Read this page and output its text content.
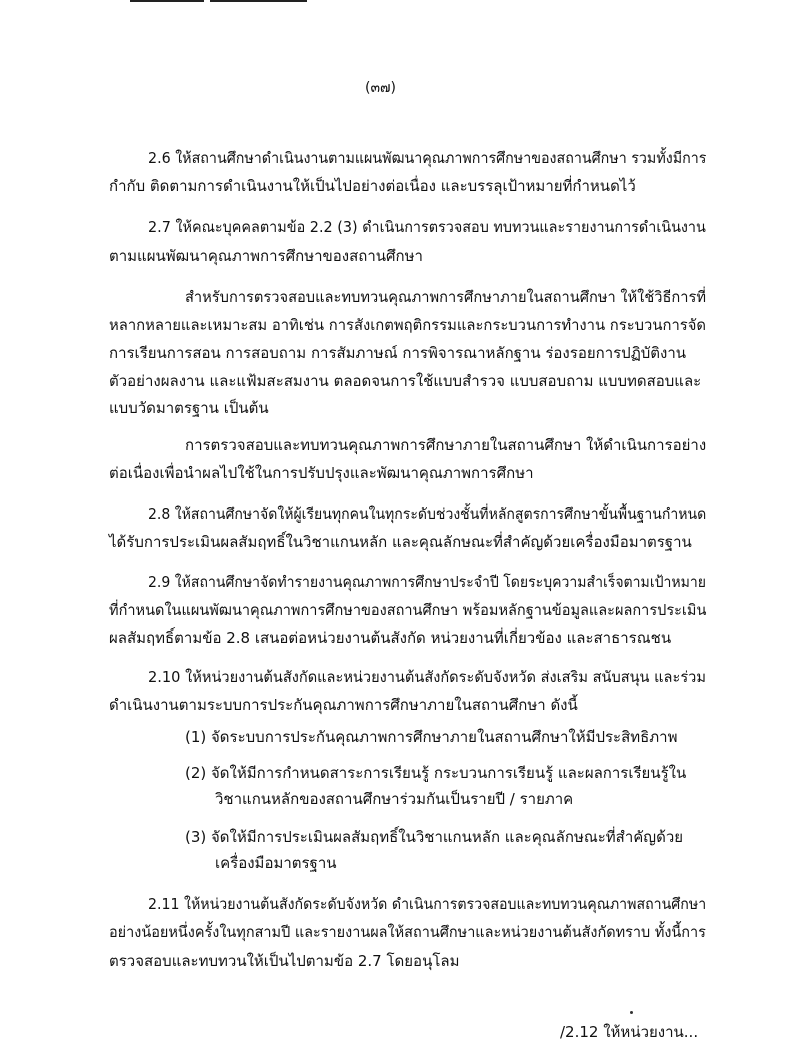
(๓๗)
2.6 ให้สถานศึกษาดำเนินงานตามแผนพัฒนาคุณภาพการศึกษาของสถานศึกษา รวมทั้งมีการ
กำกับ ติดตามการดำเนินงานให้เป็นไปอย่างต่อเนื่อง และบรรลุเป้าหมายที่กำหนดไว้
2.7 ให้คณะบุคคลตามข้อ 2.2 (3) ดำเนินการตรวจสอบ ทบทวนและรายงานการดำเนินงาน
ตามแผนพัฒนาคุณภาพการศึกษาของสถานศึกษา
สำหรับการตรวจสอบและทบทวนคุณภาพการศึกษาภายในสถานศึกษา ให้ใช้วิธีการที่
หลากหลายและเหมาะสม อาทิเช่น การสังเกตพฤติกรรมและกระบวนการทำงาน กระบวนการจัด
การเรียนการสอน การสอบถาม การสัมภาษณ์ การพิจารณาหลักฐาน ร่องรอยการปฏิบัติงาน
ตัวอย่างผลงาน และแฟ้มสะสมงาน ตลอดจนการใช้แบบสำรวจ แบบสอบถาม แบบทดสอบและ
แบบวัดมาตรฐาน เป็นต้น
การตรวจสอบและทบทวนคุณภาพการศึกษาภายในสถานศึกษา ให้ดำเนินการอย่าง
ต่อเนื่องเพื่อนำผลไปใช้ในการปรับปรุงและพัฒนาคุณภาพการศึกษา
2.8 ให้สถานศึกษาจัดให้ผู้เรียนทุกคนในทุกระดับช่วงชั้นที่หลักสูตรการศึกษาขั้นพื้นฐานกำหนด
ได้รับการประเมินผลสัมฤทธิ์ในวิชาแกนหลัก และคุณลักษณะที่สำคัญด้วยเครื่องมือมาตรฐาน
2.9 ให้สถานศึกษาจัดทำรายงานคุณภาพการศึกษาประจำปี โดยระบุความสำเร็จตามเป้าหมาย
ที่กำหนดในแผนพัฒนาคุณภาพการศึกษาของสถานศึกษา พร้อมหลักฐานข้อมูลและผลการประเมิน
ผลสัมฤทธิ์ตามข้อ 2.8 เสนอต่อหน่วยงานต้นสังกัด หน่วยงานที่เกี่ยวข้อง และสาธารณชน
2.10 ให้หน่วยงานต้นสังกัดและหน่วยงานต้นสังกัดระดับจังหวัด ส่งเสริม สนับสนุน และร่วม
ดำเนินงานตามระบบการประกันคุณภาพการศึกษาภายในสถานศึกษา ดังนี้
(1) จัดระบบการประกันคุณภาพการศึกษาภายในสถานศึกษาให้มีประสิทธิภาพ
(2) จัดให้มีการกำหนดสาระการเรียนรู้ กระบวนการเรียนรู้ และผลการเรียนรู้ใน
วิชาแกนหลักของสถานศึกษาร่วมกันเป็นรายปี / รายภาค
(3) จัดให้มีการประเมินผลสัมฤทธิ์ในวิชาแกนหลัก และคุณลักษณะที่สำคัญด้วย
เครื่องมือมาตรฐาน
2.11 ให้หน่วยงานต้นสังกัดระดับจังหวัด ดำเนินการตรวจสอบและทบทวนคุณภาพสถานศึกษา
อย่างน้อยหนึ่งครั้งในทุกสามปี และรายงานผลให้สถานศึกษาและหน่วยงานต้นสังกัดทราบ ทั้งนี้การ
ตรวจสอบและทบทวนให้เป็นไปตามข้อ 2.7 โดยอนุโลม
/2.12 ให้หน่วยงาน...
